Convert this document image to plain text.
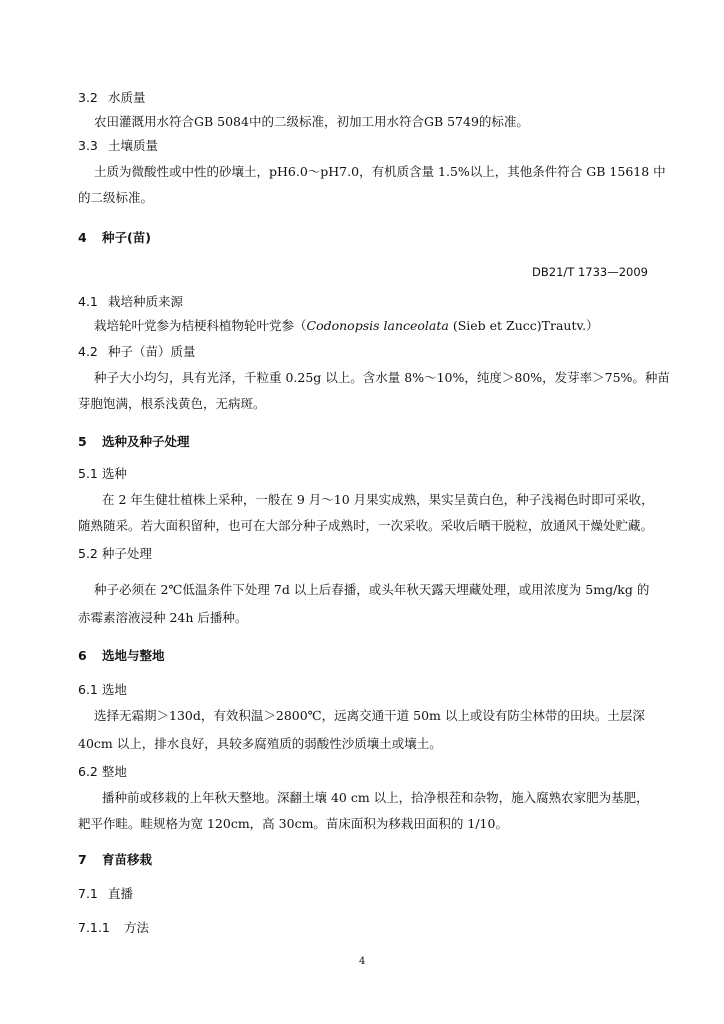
3.2 水质量
农田灌溉用水符合GB 5084中的二级标准，初加工用水符合GB 5749的标准。
3.3 土壤质量
土质为微酸性或中性的砂壤土，pH6.0～pH7.0，有机质含量 1.5%以上，其他条件符合 GB 15618 中
的二级标准。
4 种子(苗)
DB21/T 1733—2009
4.1 栽培种质来源
栽培轮叶党参为桔梗科植物轮叶党参（Codonopsis lanceolata (Sieb et Zucc)Trautv.）
4.2 种子（苗）质量
种子大小均匀，具有光泽，千粒重 0.25g 以上。含水量 8%～10%，纯度＞80%，发芽率＞75%。种苗
芽胞饱满，根系浅黄色，无病斑。
5 选种及种子处理
5.1 选种
在 2 年生健壮植株上采种，一般在 9 月～10 月果实成熟，果实呈黄白色，种子浅褐色时即可采收，
随熟随采。若大面积留种，也可在大部分种子成熟时，一次采收。采收后晒干脱粒，放通风干燥处贮藏。
5.2 种子处理
种子必须在 2℃低温条件下处理 7d 以上后春播，或头年秋天露天埋藏处理，或用浓度为 5mg/kg 的
赤霉素溶液浸种 24h 后播种。
6 选地与整地
6.1 选地
选择无霜期＞130d，有效积温＞2800℃，远离交通干道 50m 以上或设有防尘林带的田块。土层深
40cm 以上，排水良好，具较多腐殖质的弱酸性沙质壤土或壤土。
6.2 整地
播种前或移栽的上年秋天整地。深翻土壤 40 cm 以上，拾净根茬和杂物，施入腐熟农家肥为基肥，
耙平作畦。畦规格为宽 120cm，高 30cm。苗床面积为移栽田面积的 1/10。
7 育苗移栽
7.1 直播
7.1.1 方法
4
